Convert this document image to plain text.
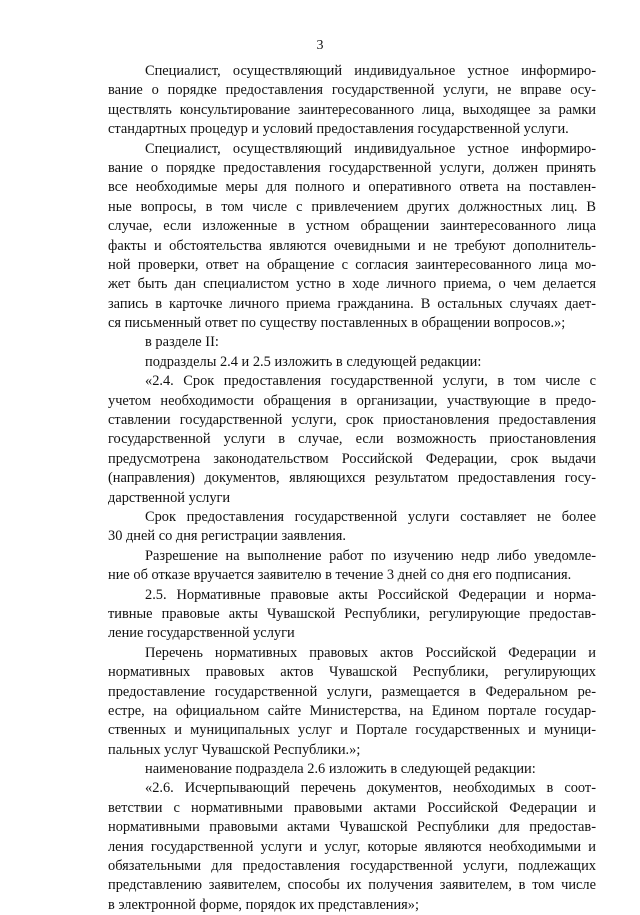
3
Специалист, осуществляющий индивидуальное устное информиро-
вание о порядке предоставления государственной услуги, не вправе осу-
ществлять консультирование заинтересованного лица, выходящее за рамки
стандартных процедур и условий предоставления государственной услуги.
Специалист, осуществляющий индивидуальное устное информиро-
вание о порядке предоставления государственной услуги, должен принять
все необходимые меры для полного и оперативного ответа на поставлен-
ные вопросы, в том числе с привлечением других должностных лиц. В
случае, если изложенные в устном обращении заинтересованного лица
факты и обстоятельства являются очевидными и не требуют дополнитель-
ной проверки, ответ на обращение с согласия заинтересованного лица мо-
жет быть дан специалистом устно в ходе личного приема, о чем делается
запись в карточке личного приема гражданина. В остальных случаях дает-
ся письменный ответ по существу поставленных в обращении вопросов.»;
в разделе II:
подразделы 2.4 и 2.5 изложить в следующей редакции:
«2.4. Срок предоставления государственной услуги, в том числе с
учетом необходимости обращения в организации, участвующие в предо-
ставлении государственной услуги, срок приостановления предоставления
государственной услуги в случае, если возможность приостановления
предусмотрена законодательством Российской Федерации, срок выдачи
(направления) документов, являющихся результатом предоставления госу-
дарственной услуги
Срок предоставления государственной услуги составляет не более
30 дней со дня регистрации заявления.
Разрешение на выполнение работ по изучению недр либо уведомле-
ние об отказе вручается заявителю в течение 3 дней со дня его подписания.
2.5. Нормативные правовые акты Российской Федерации и норма-
тивные правовые акты Чувашской Республики, регулирующие предостав-
ление государственной услуги
Перечень нормативных правовых актов Российской Федерации и
нормативных правовых актов Чувашской Республики, регулирующих
предоставление государственной услуги, размещается в Федеральном ре-
естре, на официальном сайте Министерства, на Едином портале государ-
ственных и муниципальных услуг и Портале государственных и муници-
пальных услуг Чувашской Республики.»;
наименование подраздела 2.6 изложить в следующей редакции:
«2.6. Исчерпывающий перечень документов, необходимых в соот-
ветствии с нормативными правовыми актами Российской Федерации и
нормативными правовыми актами Чувашской Республики для предостав-
ления государственной услуги и услуг, которые являются необходимыми и
обязательными для предоставления государственной услуги, подлежащих
представлению заявителем, способы их получения заявителем, в том числе
в электронной форме, порядок их представления»;
